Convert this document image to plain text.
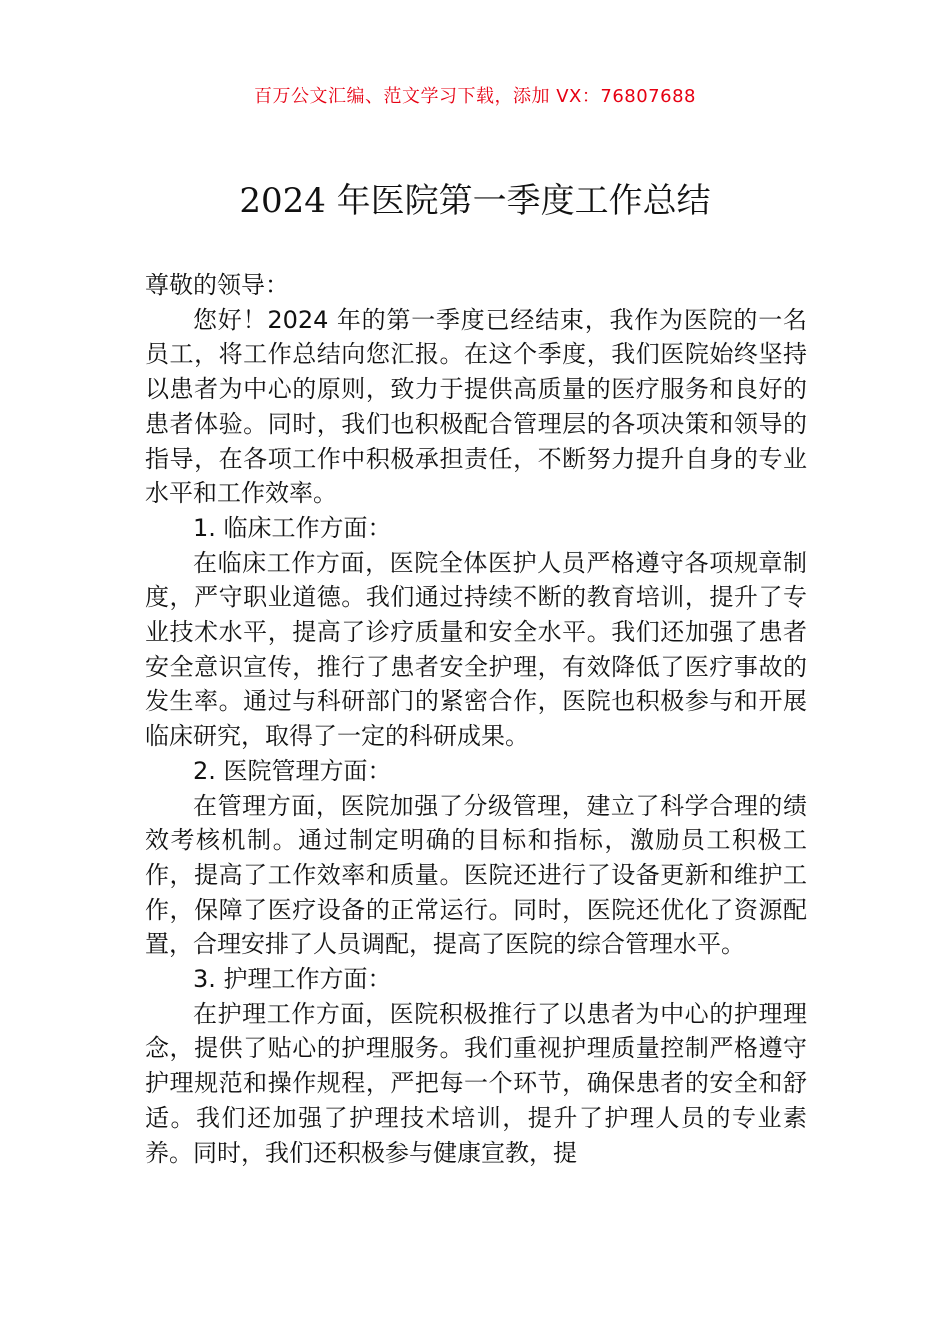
百万公文汇编、范文学习下载，添加 VX：76807688
2024 年医院第一季度工作总结

尊敬的领导：

您好！2024 年的第一季度已经结束，我作为医院的一名员工，将工作总结向您汇报。在这个季度，我们医院始终坚持以患者为中心的原则，致力于提供高质量的医疗服务和良好的患者体验。同时，我们也积极配合管理层的各项决策和领导的指导，在各项工作中积极承担责任，不断努力提升自身的专业水平和工作效率。

1. 临床工作方面：

在临床工作方面，医院全体医护人员严格遵守各项规章制度，严守职业道德。我们通过持续不断的教育培训，提升了专业技术水平，提高了诊疗质量和安全水平。我们还加强了患者安全意识宣传，推行了患者安全护理，有效降低了医疗事故的发生率。通过与科研部门的紧密合作，医院也积极参与和开展临床研究，取得了一定的科研成果。

2. 医院管理方面：

在管理方面，医院加强了分级管理，建立了科学合理的绩效考核机制。通过制定明确的目标和指标，激励员工积极工作，提高了工作效率和质量。医院还进行了设备更新和维护工作，保障了医疗设备的正常运行。同时，医院还优化了资源配置，合理安排了人员调配，提高了医院的综合管理水平。

3. 护理工作方面：

在护理工作方面，医院积极推行了以患者为中心的护理理念，提供了贴心的护理服务。我们重视护理质量控制严格遵守护理规范和操作规程，严把每一个环节，确保患者的安全和舒适。我们还加强了护理技术培训，提升了护理人员的专业素养。同时，我们还积极参与健康宣教，提
